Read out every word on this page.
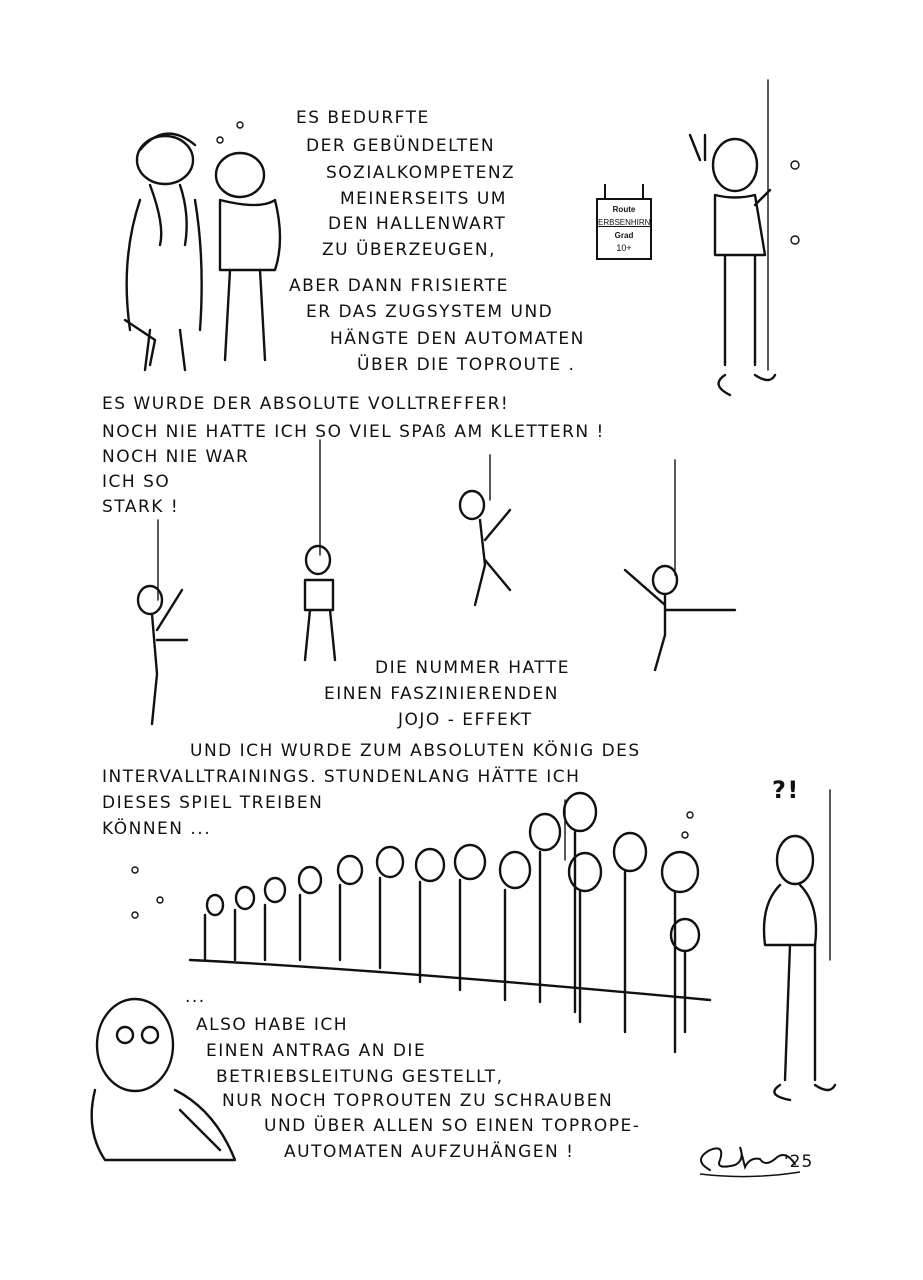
Route
ERBSENHIRN
Grad
10+

ES BEDURFTE

DER GEBÜNDELTEN

SOZIALKOMPETENZ

MEINERSEITS UM

DEN HALLENWART

ZU ÜBERZEUGEN,

ABER DANN FRISIERTE

ER DAS ZUGSYSTEM UND

HÄNGTE DEN AUTOMATEN

ÜBER DIE TOPROUTE .

ES WURDE DER ABSOLUTE VOLLTREFFER!

NOCH NIE HATTE ICH SO VIEL SPAß AM KLETTERN !

NOCH NIE WAR

ICH SO

STARK !

DIE NUMMER HATTE

EINEN FASZINIERENDEN

JOJO - EFFEKT

UND ICH WURDE ZUM ABSOLUTEN KÖNIG DES

INTERVALLTRAININGS. STUNDENLANG HÄTTE ICH

DIESES SPIEL TREIBEN

KÖNNEN ...

?!

...

ALSO HABE ICH

EINEN ANTRAG AN DIE

BETRIEBSLEITUNG GESTELLT,

NUR NOCH TOPROUTEN ZU SCHRAUBEN

UND ÜBER ALLEN SO EINEN TOPROPE-

AUTOMATEN AUFZUHÄNGEN !	'25
